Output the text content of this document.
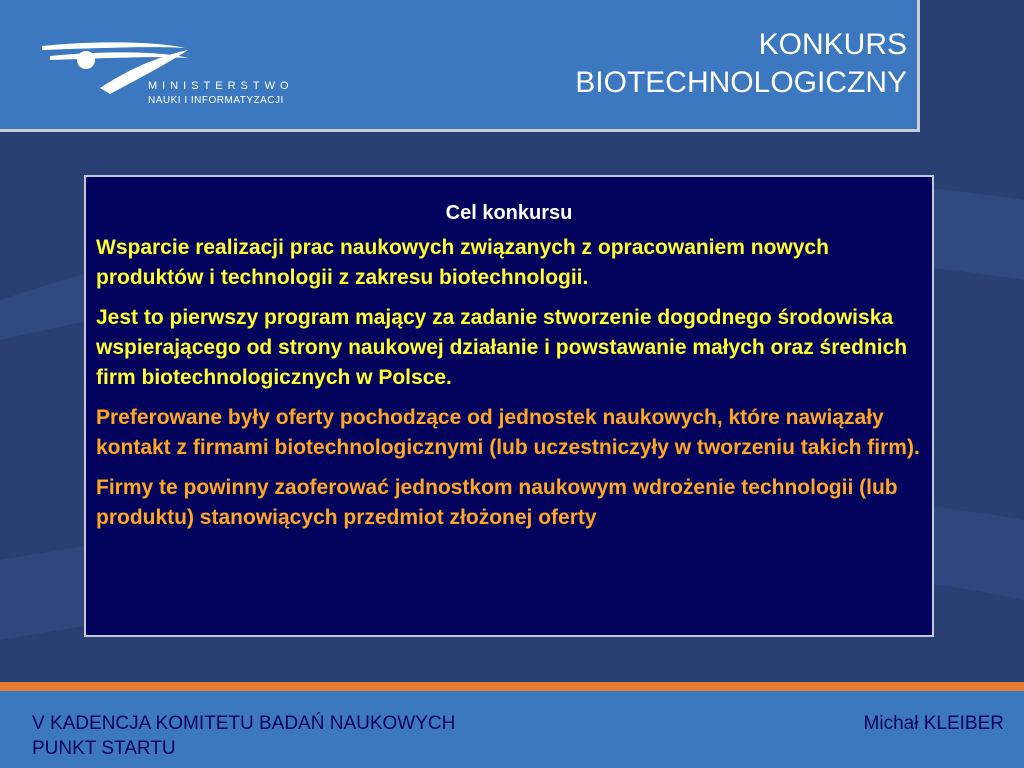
MINISTERSTWO
NAUKI I INFORMATYZACJI
KONKURS
BIOTECHNOLOGICZNY
Cel konkursu

Wsparcie realizacji prac naukowych związanych z opracowaniem nowych produktów i technologii z zakresu biotechnologii.

Jest to pierwszy program mający za zadanie stworzenie dogodnego środowiska wspierającego od strony naukowej działanie i powstawanie małych oraz średnich firm biotechnologicznych w Polsce.

Preferowane były oferty pochodzące od jednostek naukowych, które nawiązały kontakt z firmami biotechnologicznymi (lub uczestniczyły w tworzeniu takich firm).

Firmy te powinny zaoferować jednostkom naukowym wdrożenie technologii (lub produktu) stanowiących przedmiot złożonej oferty

V KADENCJA KOMITETU BADAŃ NAUKOWYCH
PUNKT STARTU
Michał KLEIBER
